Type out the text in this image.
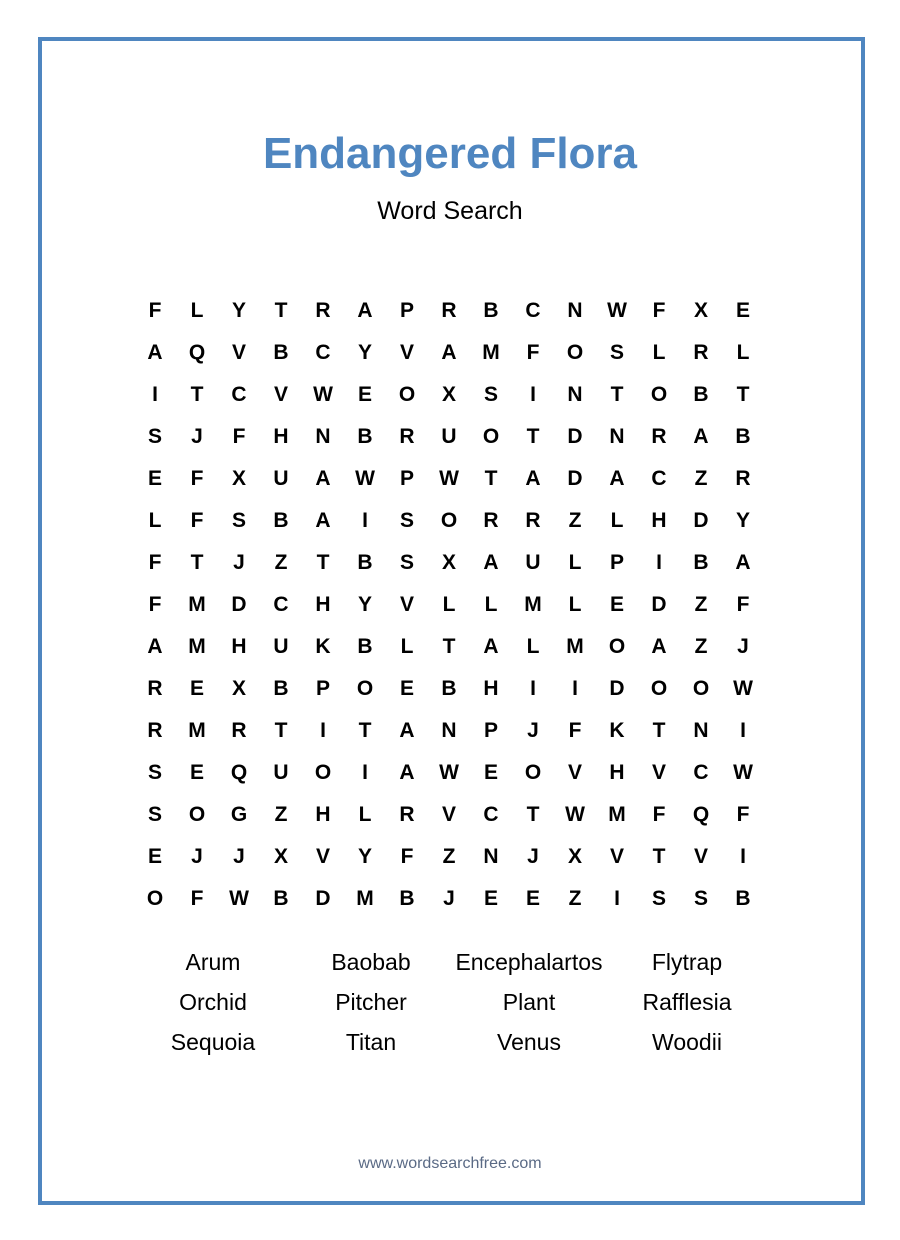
Endangered Flora
Word Search
F	L	Y	T	R	A	P	R	B	C	N	W	F	X	E
A	Q	V	B	C	Y	V	A	M	F	O	S	L	R	L
I	T	C	V	W	E	O	X	S	I	N	T	O	B	T
S	J	F	H	N	B	R	U	O	T	D	N	R	A	B
E	F	X	U	A	W	P	W	T	A	D	A	C	Z	R
L	F	S	B	A	I	S	O	R	R	Z	L	H	D	Y
F	T	J	Z	T	B	S	X	A	U	L	P	I	B	A
F	M	D	C	H	Y	V	L	L	M	L	E	D	Z	F
A	M	H	U	K	B	L	T	A	L	M	O	A	Z	J
R	E	X	B	P	O	E	B	H	I	I	D	O	O	W
R	M	R	T	I	T	A	N	P	J	F	K	T	N	I
S	E	Q	U	O	I	A	W	E	O	V	H	V	C	W
S	O	G	Z	H	L	R	V	C	T	W	M	F	Q	F
E	J	J	X	V	Y	F	Z	N	J	X	V	T	V	I
O	F	W	B	D	M	B	J	E	E	Z	I	S	S	B
Arum	Baobab	Encephalartos	Flytrap
Orchid	Pitcher	Plant	Rafflesia
Sequoia	Titan	Venus	Woodii
www.wordsearchfree.com
